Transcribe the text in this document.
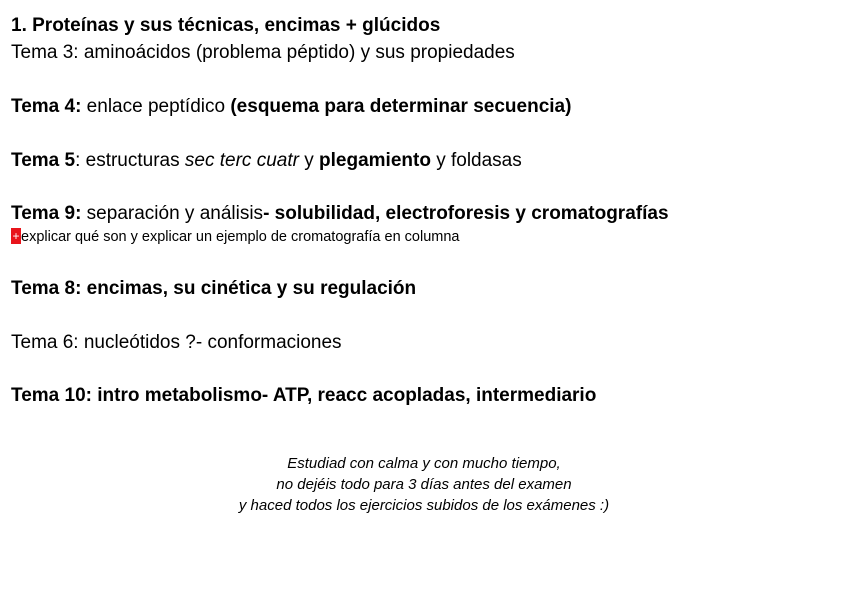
1. Proteínas y sus técnicas, encimas + glúcidos
Tema 3: aminoácidos (problema péptido) y sus propiedades
Tema 4: enlace peptídico (esquema para determinar secuencia)
Tema 5: estructuras sec terc cuatr y plegamiento y foldasas
Tema 9: separación y análisis- solubilidad, electroforesis y cromatografías
+ explicar qué son y explicar un ejemplo de cromatografía en columna
Tema 8: encimas, su cinética y su regulación
Tema 6: nucleótidos ?- conformaciones
Tema 10: intro metabolismo- ATP, reacc acopladas, intermediario
Estudiad con calma y con mucho tiempo,
no dejéis todo para 3 días antes del examen
y haced todos los ejercicios subidos de los exámenes :)
